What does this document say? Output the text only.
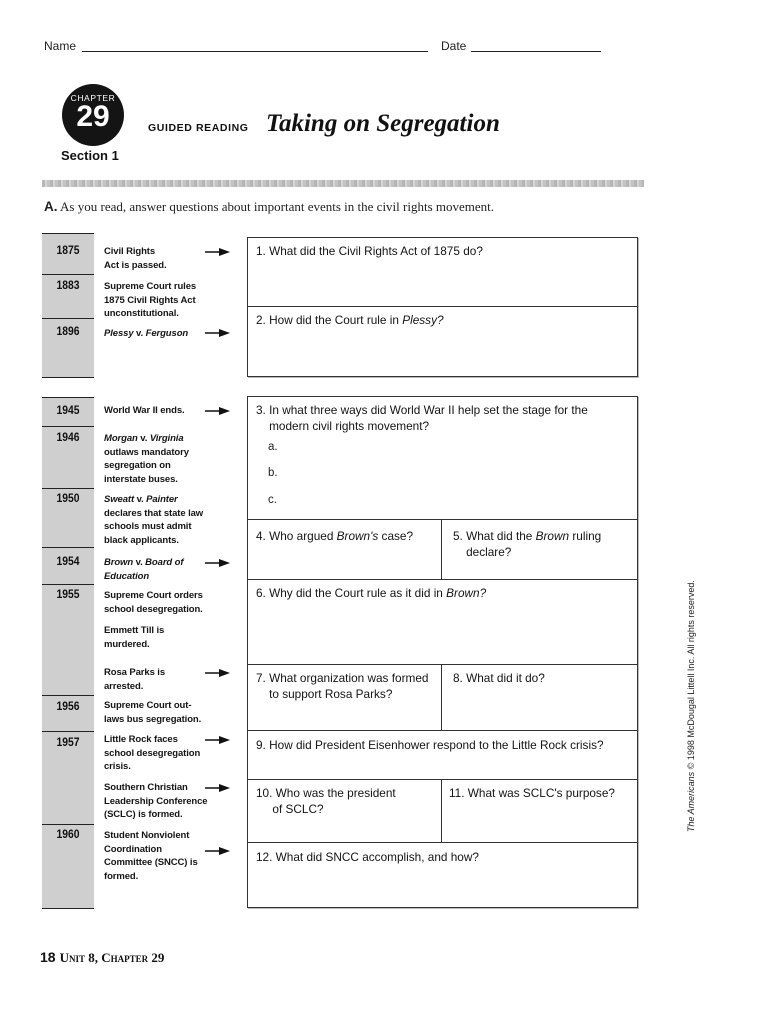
Name	Date
CHAPTER
29
Section 1
GUIDED READING Taking on Segregation
A. As you read, answer questions about important events in the civil rights movement.
1875
1883
1896
1945
1946
1950
1954
1955
1956
1957
1960
Civil Rights
Act is passed.
Supreme Court rules
1875 Civil Rights Act
unconstitutional.
Plessy v. Ferguson
World War II ends.
Morgan v. Virginia
outlaws mandatory
segregation on
interstate buses.
Sweatt v. Painter
declares that state law
schools must admit
black applicants.
Brown v. Board of
Education
Supreme Court orders
school desegregation.
Emmett Till is
murdered.
Rosa Parks is
arrested.
Supreme Court out-
laws bus segregation.
Little Rock faces
school desegregation
crisis.
Southern Christian
Leadership Conference
(SCLC) is formed.
Student Nonviolent
Coordination
Committee (SNCC) is
formed.
1. What did the Civil Rights Act of 1875 do?
2. How did the Court rule in Plessy?
3. In what three ways did World War II help set the stage for the
modern civil rights movement?
a.
b.
c.
4. Who argued Brown's case?	5. What did the Brown ruling
declare?
6. Why did the Court rule as it did in Brown?
7. What organization was formed
to support Rosa Parks?
8. What did it do?
9. How did President Eisenhower respond to the Little Rock crisis?
10. Who was the president
of SCLC?
11. What was SCLC's purpose?
12. What did SNCC accomplish, and how?
The Americans © 1998 McDougal Littell Inc. All rights reserved.
18 Unit 8, Chapter 29
